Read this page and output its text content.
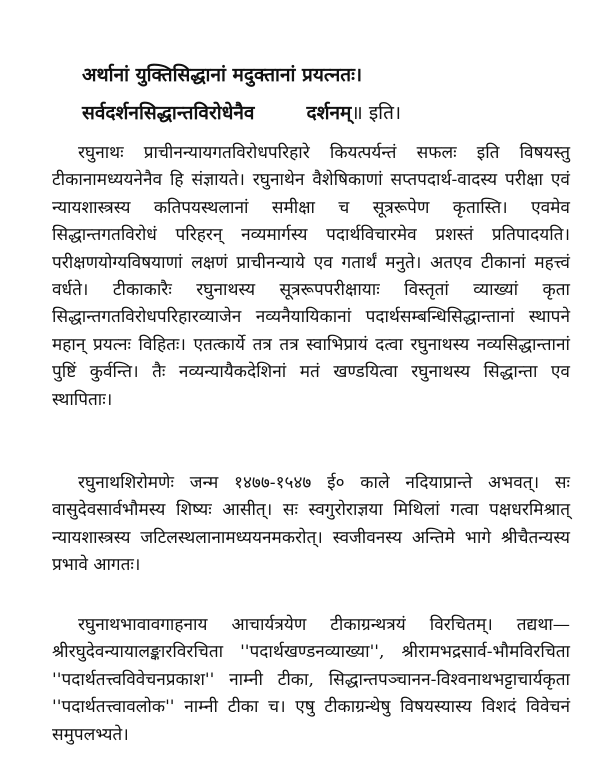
अर्थानां युक्तिसिद्धानां मदुक्तानां प्रयत्नतः।
सर्वदर्शनसिद्धान्तविरोधेनैव	दर्शनम्॥ इति।

रघुनाथः प्राचीनन्यायगतविरोधपरिहारे कियत्पर्यन्तं सफलः इति विषयस्तु टीकानामध्ययनेनैव हि संज्ञायते। रघुनाथेन वैशेषिकाणां सप्तपदार्थ-वादस्य परीक्षा एवं न्यायशास्त्रस्य कतिपयस्थलानां समीक्षा च सूत्ररूपेण कृतास्ति। एवमेव सिद्धान्तगतविरोधं परिहरन् नव्यमार्गस्य पदार्थविचारमेव प्रशस्तं प्रतिपादयति। परीक्षणयोग्यविषयाणां लक्षणं प्राचीनन्याये एव गतार्थं मनुते। अतएव टीकानां महत्त्वं वर्धते। टीकाकारैः रघुनाथस्य सूत्ररूपपरीक्षायाः विस्तृतां व्याख्यां कृता सिद्धान्तगतविरोधपरिहारव्याजेन नव्यनैयायिकानां पदार्थसम्बन्धिसिद्धान्तानां स्थापने महान् प्रयत्नः विहितः। एतत्कार्ये तत्र तत्र स्वाभिप्रायं दत्वा रघुनाथस्य नव्यसिद्धान्तानां पुष्टिं कुर्वन्ति। तैः नव्यन्यायैकदेशिनां मतं खण्डयित्वा रघुनाथस्य सिद्धान्ता एव स्थापिताः।

रघुनाथशिरोमणेः जन्म १४७७-१५४७ ई० काले नदियाप्रान्ते अभवत्। सः वासुदेवसार्वभौमस्य शिष्यः आसीत्। सः स्वगुरोराज्ञया मिथिलां गत्वा पक्षधरमिश्रात् न्यायशास्त्रस्य जटिलस्थलानामध्ययनमकरोत्। स्वजीवनस्य अन्तिमे भागे श्रीचैतन्यस्य प्रभावे आगतः।

रघुनाथभावावगाहनाय आचार्यत्रयेण टीकाग्रन्थत्रयं विरचितम्। तद्यथा— श्रीरघुदेवन्यायालङ्कारविरचिता ''पदार्थखण्डनव्याख्या'', श्रीरामभद्रसार्व-भौमविरचिता ''पदार्थतत्त्वविवेचनप्रकाश'' नाम्नी टीका, सिद्धान्तपञ्चानन-विश्वनाथभट्टाचार्यकृता ''पदार्थतत्त्वावलोक'' नाम्नी टीका च। एषु टीकाग्रन्थेषु विषयस्यास्य विशदं विवेचनं समुपलभ्यते।
